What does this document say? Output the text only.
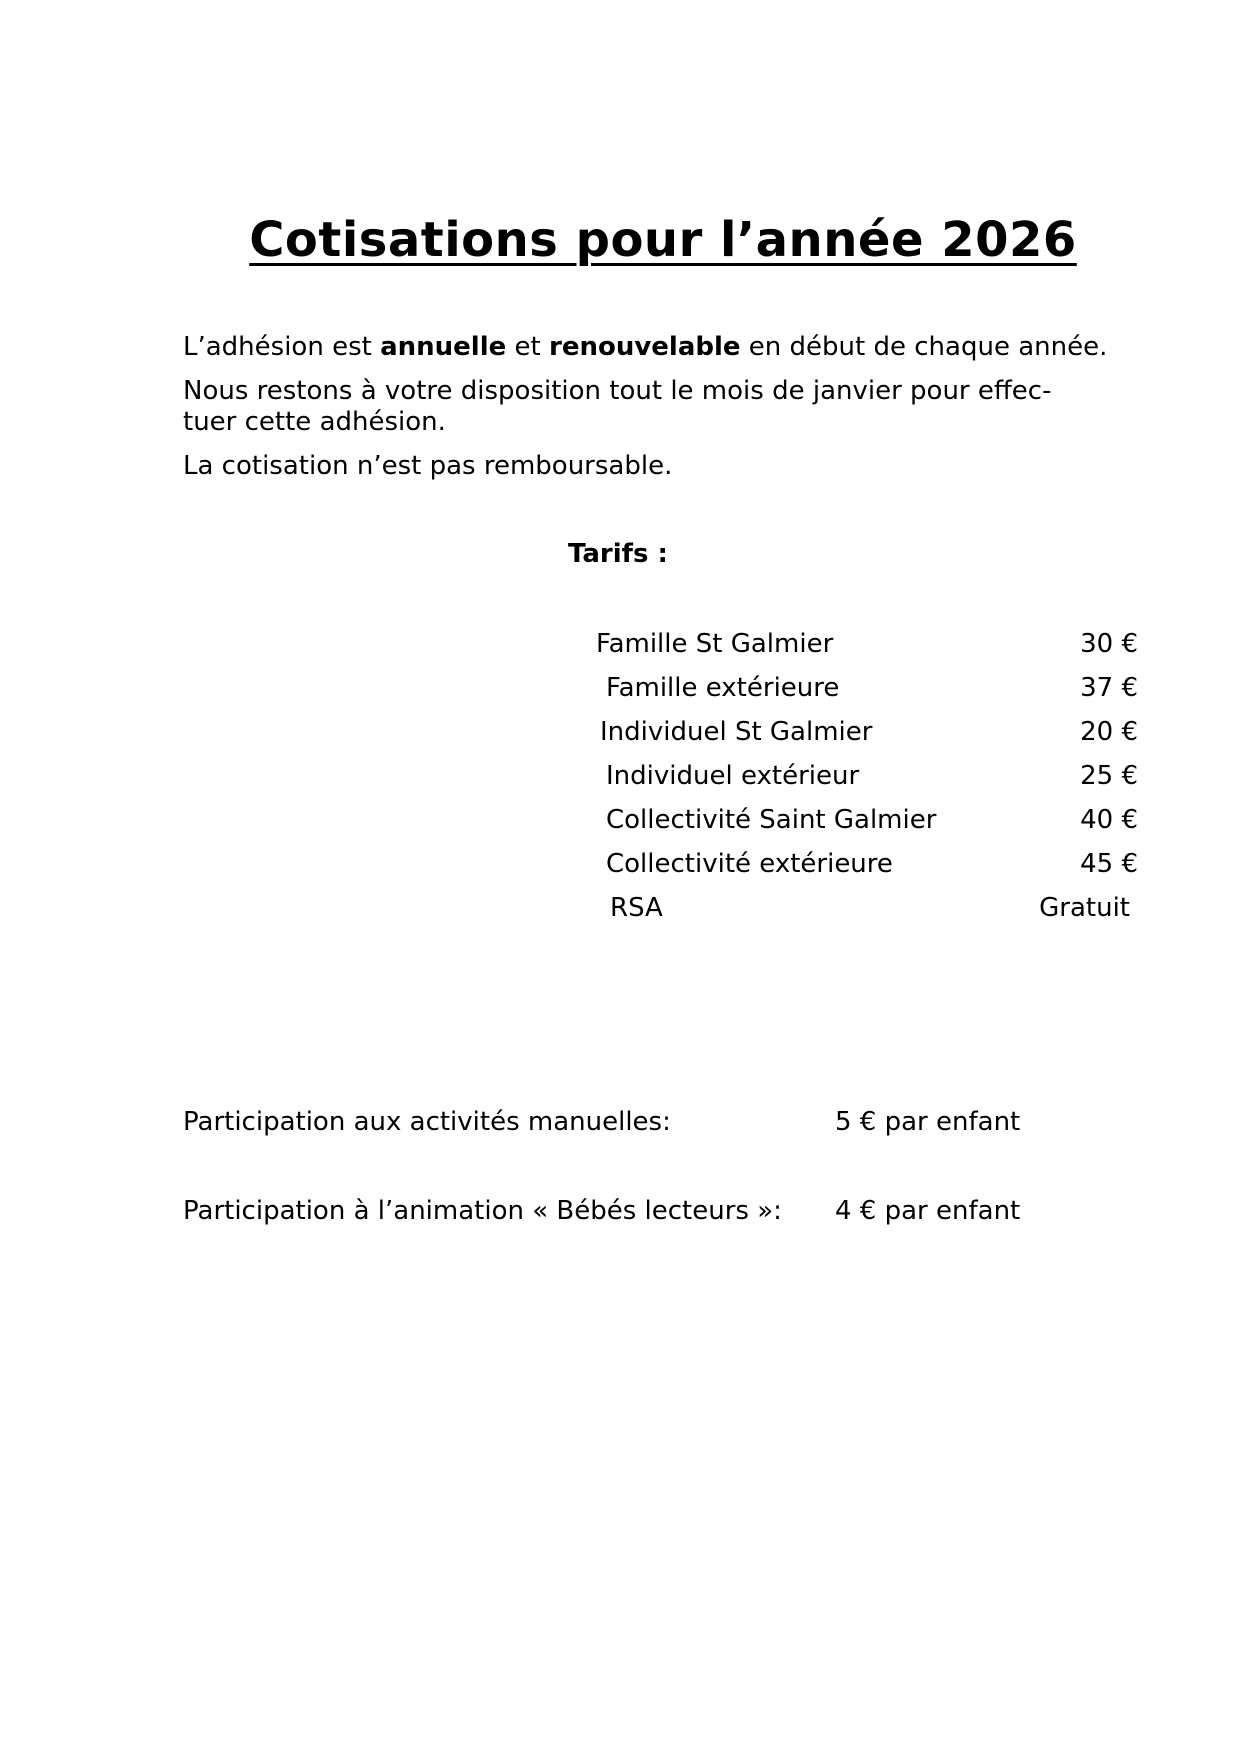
Cotisations pour l’année 2026

L’adhésion est annuelle et renouvelable en début de chaque année.

Nous restons à votre disposition tout le mois de janvier pour effec-
tuer cette adhésion.

La cotisation n’est pas remboursable.

Tarifs :
Famille St Galmier	30 €
Famille extérieure	37 €
Individuel St Galmier	20 €
Individuel extérieur	25 €
Collectivité Saint Galmier	40 €
Collectivité extérieure	45 €
RSA	Gratuit
Participation aux activités manuelles:	5 € par enfant
Participation à l’animation « Bébés lecteurs »: 4 € par enfant
